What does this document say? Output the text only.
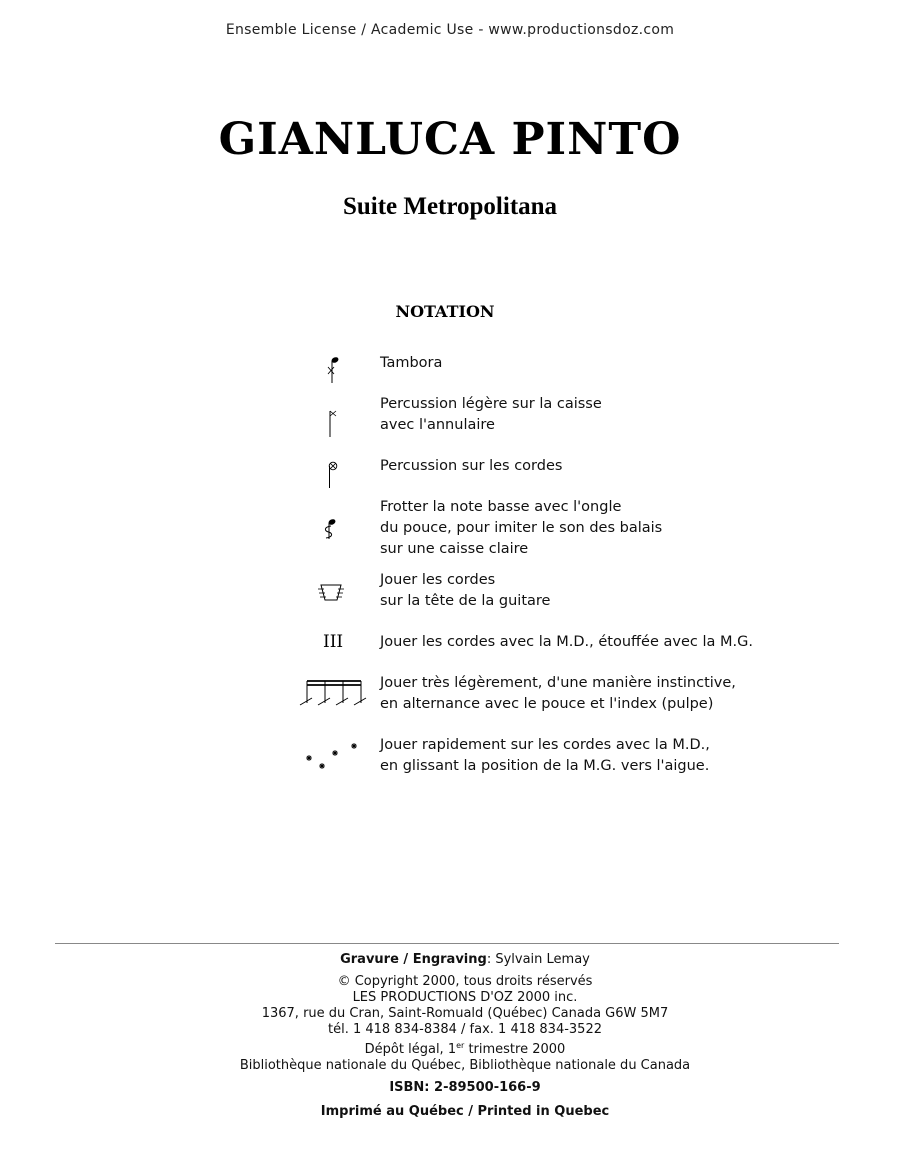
Ensemble License / Academic Use - www.productionsdoz.com
GIANLUCA PINTO
Suite Metropolitana
NOTATION
Tambora
Percussion légère sur la caisse
avec l'annulaire
Percussion sur les cordes
Frotter la note basse avec l'ongle
du pouce, pour imiter le son des balais
sur une caisse claire
Jouer les cordes
sur la tête de la guitare
III	Jouer les cordes avec la M.D., étouffée avec la M.G.
Jouer très légèrement, d'une manière instinctive,
en alternance avec le pouce et l'index (pulpe)
Jouer rapidement sur les cordes avec la M.D.,
en glissant la position de la M.G. vers l'aigue.
Gravure / Engraving: Sylvain Lemay
© Copyright 2000, tous droits réservés
LES PRODUCTIONS D'OZ 2000 inc.
1367, rue du Cran, Saint-Romuald (Québec) Canada G6W 5M7
tél. 1 418 834-8384 / fax. 1 418 834-3522
Dépôt légal, 1er trimestre 2000
Bibliothèque nationale du Québec, Bibliothèque nationale du Canada
ISBN: 2-89500-166-9
Imprimé au Québec / Printed in Quebec
